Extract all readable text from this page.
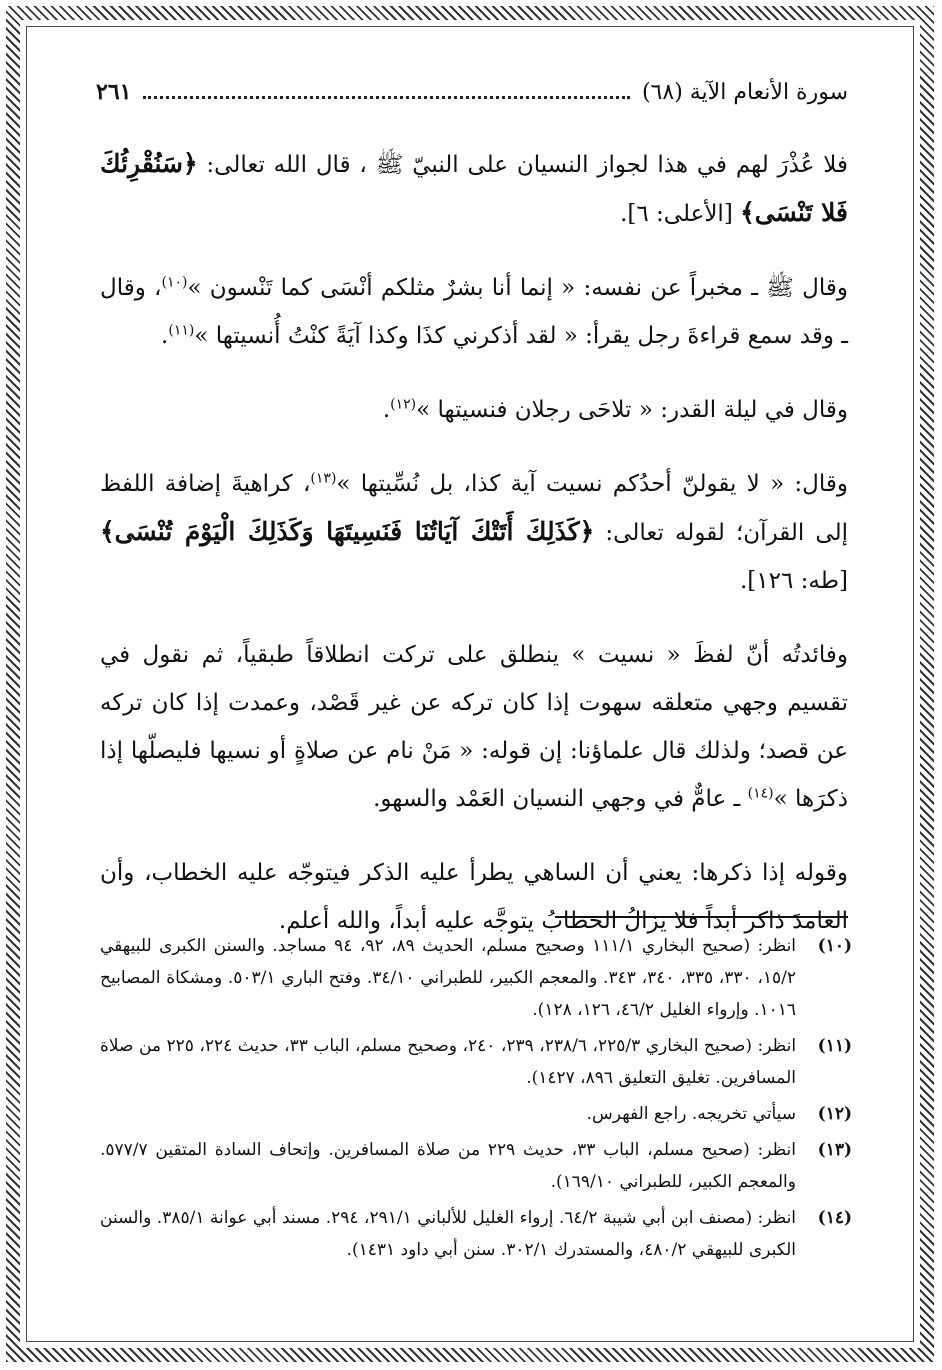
سورة الأنعام الآية (٦٨)
٢٦١

فلا عُذْرَ لهم في هذا لجواز النسيان على النبيّ ﷺ ، قال الله تعالى: ﴿سَنُقْرِئُكَ فَلا تَنْسَى﴾ [الأعلى: ٦].

وقال ﷺ ـ مخبراً عن نفسه: « إنما أنا بشرٌ مثلكم أنْسَى كما تَنْسون »$^{(١٠)}$، وقال ـ وقد سمع قراءةَ رجل يقرأ: « لقد أذكرني كذَا وكذا آيَةً كنْتُ أُنسيتها »$^{(١١)}$.

وقال في ليلة القدر: « تلاحَى رجلان فنسيتها »$^{(١٢)}$.

وقال: « لا يقولنّ أحدُكم نسيت آية كذا، بل نُسِّيتها »$^{(١٣)}$، كراهيةَ إضافة اللفظ إلى القرآن؛ لقوله تعالى: ﴿كَذَلِكَ أَتَتْكَ آيَاتُنَا فَنَسِيتَهَا وَكَذَلِكَ الْيَوْمَ تُنْسَى﴾ [طه: ١٢٦].

وفائدتُه أنّ لفظَ « نسيت » ينطلق على تركت انطلاقاً طبقياً، ثم نقول في تقسيم وجهي متعلقه سهوت إذا كان تركه عن غير قَصْد، وعمدت إذا كان تركه عن قصد؛ ولذلك قال علماؤنا: إن قوله: « مَنْ نام عن صلاةٍ أو نسيها فليصلّها إذا ذكرَها »$^{(١٤)}$ ـ عامٌّ في وجهي النسيان العَمْد والسهو.

وقوله إذا ذكرها: يعني أن الساهي يطرأ عليه الذكر فيتوجّه عليه الخطاب، وأن العامدَ ذاكر أبداً فلا يزالُ الخطابُ يتوجَّه عليه أبداً، والله أعلم.

(١٠)
انظر: (صحيح البخاري ١١١/١ وصحيح مسلم، الحديث ٨٩، ٩٢، ٩٤ مساجد. والسنن الكبرى للبيهقي ١٥/٢، ٣٣٠، ٣٣٥، ٣٤٠، ٣٤٣. والمعجم الكبير، للطبراني ٣٤/١٠. وفتح الباري ٥٠٣/١. ومشكاة المصابيح ١٠١٦. وإرواء الغليل ٤٦/٢، ١٢٦، ١٢٨).
(١١)
انظر: (صحيح البخاري ٢٢٥/٣، ٢٣٨/٦، ٢٣٩، ٢٤٠، وصحيح مسلم، الباب ٣٣، حديث ٢٢٤، ٢٢٥ من صلاة المسافرين. تغليق التعليق ٨٩٦، ١٤٢٧).
(١٢)
سيأتي تخريجه. راجع الفهرس.
(١٣)
انظر: (صحيح مسلم، الباب ٣٣، حديث ٢٢٩ من صلاة المسافرين. وإتحاف السادة المتقين ٥٧٧/٧. والمعجم الكبير، للطبراني ١٦٩/١٠).
(١٤)
انظر: (مصنف ابن أبي شيبة ٦٤/٢. إرواء الغليل للألباني ٢٩١/١، ٢٩٤. مسند أبي عوانة ٣٨٥/١. والسنن الكبرى للبيهقي ٤٨٠/٢، والمستدرك ٣٠٢/١. سنن أبي داود ١٤٣١).
